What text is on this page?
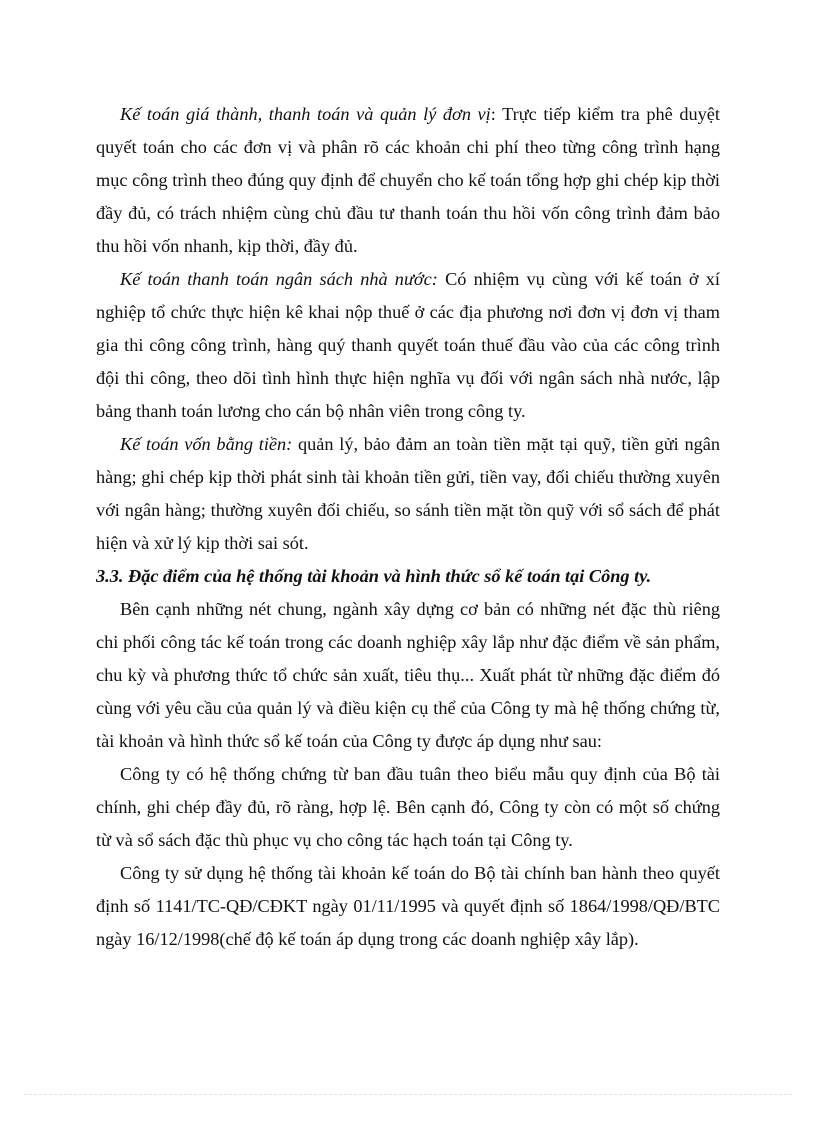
Kế toán giá thành, thanh toán và quản lý đơn vị: Trực tiếp kiểm tra phê duyệt quyết toán cho các đơn vị và phân rõ các khoản chi phí theo từng công trình hạng mục công trình theo đúng quy định để chuyển cho kế toán tổng hợp ghi chép kịp thời đầy đủ, có trách nhiệm cùng chủ đầu tư thanh toán thu hồi vốn công trình đảm bảo thu hồi vốn nhanh, kịp thời, đầy đủ.

Kế toán thanh toán ngân sách nhà nước: Có nhiệm vụ cùng với kế toán ở xí nghiệp tổ chức thực hiện kê khai nộp thuế ở các địa phương nơi đơn vị đơn vị tham gia thi công công trình, hàng quý thanh quyết toán thuế đầu vào của các công trình đội thi công, theo dõi tình hình thực hiện nghĩa vụ đối với ngân sách nhà nước, lập bảng thanh toán lương cho cán bộ nhân viên trong công ty.

Kế toán vốn bằng tiền: quản lý, bảo đảm an toàn tiền mặt tại quỹ, tiền gửi ngân hàng; ghi chép kịp thời phát sinh tài khoản tiền gửi, tiền vay, đối chiếu thường xuyên với ngân hàng; thường xuyên đối chiếu, so sánh tiền mặt tồn quỹ với sổ sách để phát hiện và xử lý kịp thời sai sót.

3.3. Đặc điểm của hệ thống tài khoản và hình thức sổ kế toán tại Công ty.

Bên cạnh những nét chung, ngành xây dựng cơ bản có những nét đặc thù riêng chi phối công tác kế toán trong các doanh nghiệp xây lắp như đặc điểm về sản phẩm, chu kỳ và phương thức tổ chức sản xuất, tiêu thụ... Xuất phát từ những đặc điểm đó cùng với yêu cầu của quản lý và điều kiện cụ thể của Công ty mà hệ thống chứng từ, tài khoản và hình thức sổ kế toán của Công ty được áp dụng như sau:

Công ty có hệ thống chứng từ ban đầu tuân theo biểu mẫu quy định của Bộ tài chính, ghi chép đầy đủ, rõ ràng, hợp lệ. Bên cạnh đó, Công ty còn có một số chứng từ và sổ sách đặc thù phục vụ cho công tác hạch toán tại Công ty.

Công ty sử dụng hệ thống tài khoản kế toán do Bộ tài chính ban hành theo quyết định số 1141/TC-QĐ/CĐKT ngày 01/11/1995 và quyết định số 1864/1998/QĐ/BTC ngày 16/12/1998(chế độ kế toán áp dụng trong các doanh nghiệp xây lắp).
